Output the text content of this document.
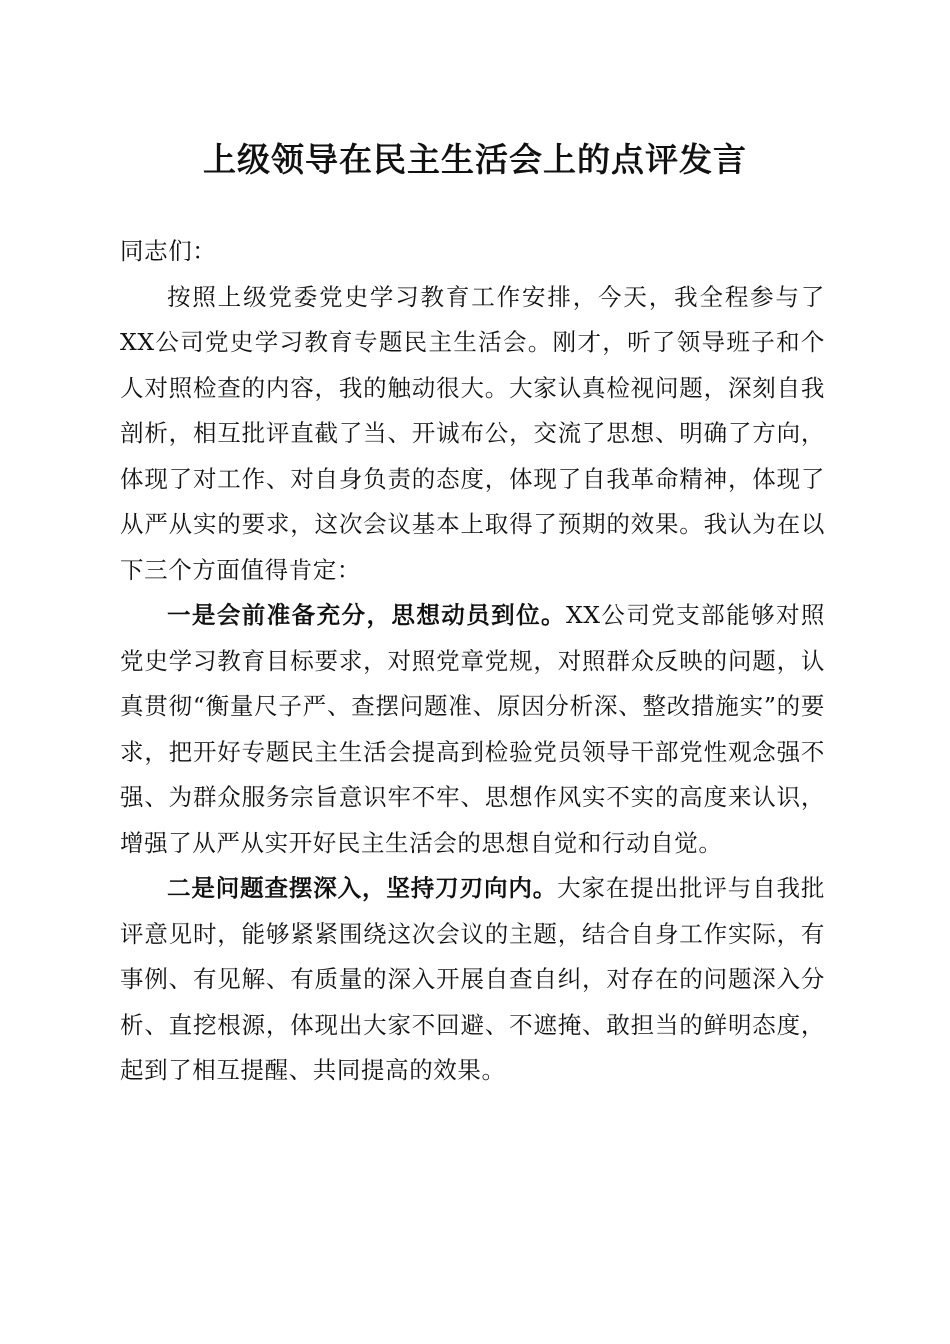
上级领导在民主生活会上的点评发言

同志们：

按照上级党委党史学习教育工作安排，今天，我全程参与了XX公司党史学习教育专题民主生活会。刚才，听了领导班子和个人对照检查的内容，我的触动很大。大家认真检视问题，深刻自我剖析，相互批评直截了当、开诚布公，交流了思想、明确了方向，体现了对工作、对自身负责的态度，体现了自我革命精神，体现了从严从实的要求，这次会议基本上取得了预期的效果。我认为在以下三个方面值得肯定：

一是会前准备充分，思想动员到位。XX公司党支部能够对照党史学习教育目标要求，对照党章党规，对照群众反映的问题，认真贯彻“衡量尺子严、查摆问题准、原因分析深、整改措施实”的要求，把开好专题民主生活会提高到检验党员领导干部党性观念强不强、为群众服务宗旨意识牢不牢、思想作风实不实的高度来认识，增强了从严从实开好民主生活会的思想自觉和行动自觉。

二是问题查摆深入，坚持刀刃向内。大家在提出批评与自我批评意见时，能够紧紧围绕这次会议的主题，结合自身工作实际，有事例、有见解、有质量的深入开展自查自纠，对存在的问题深入分析、直挖根源，体现出大家不回避、不遮掩、敢担当的鲜明态度，起到了相互提醒、共同提高的效果。
